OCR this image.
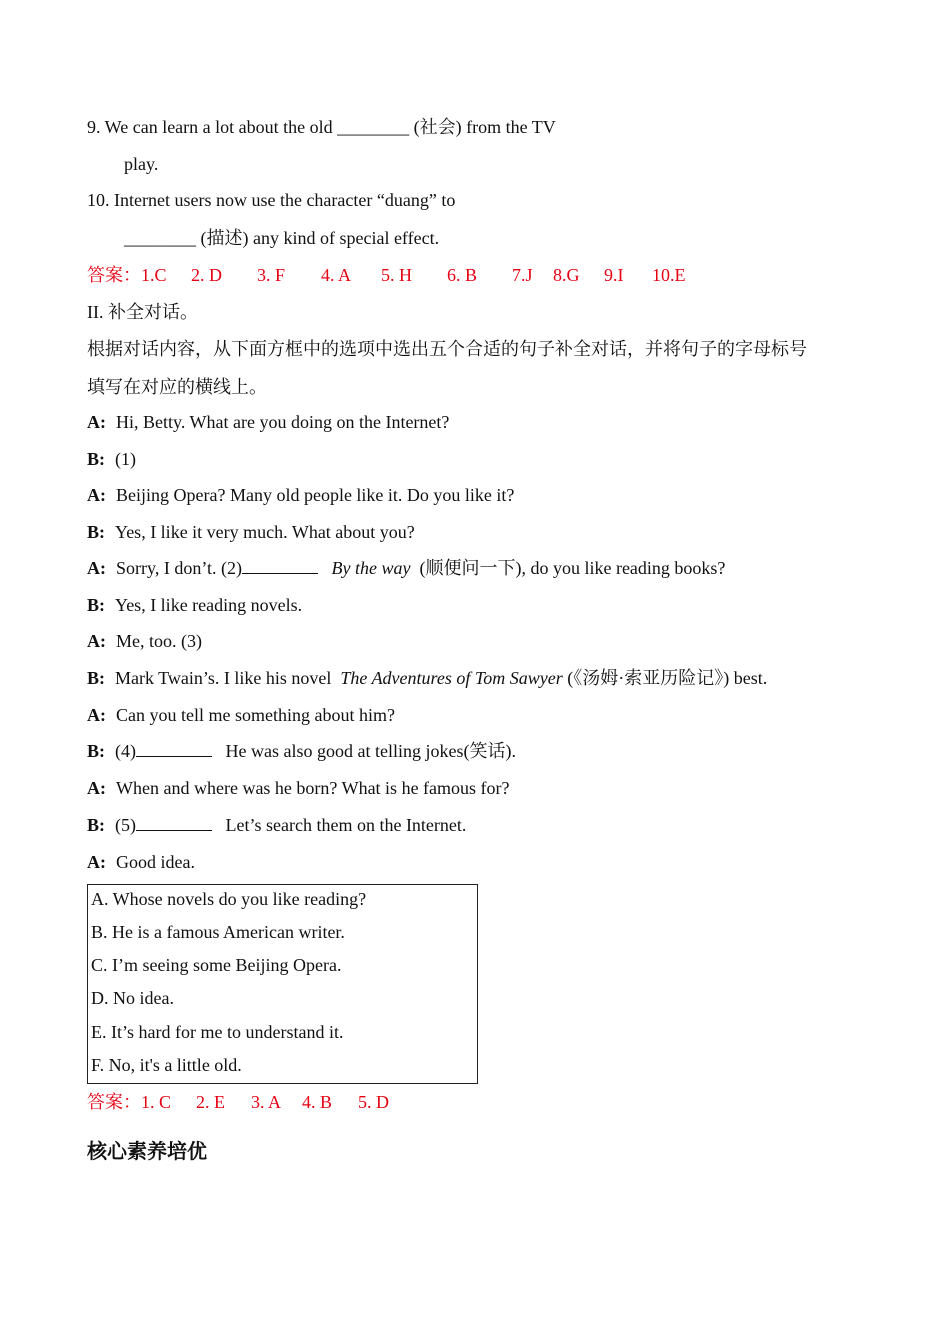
9. We can learn a lot about the old ________ (社会) from the TV
play.
10. Internet users now use the character “duang” to
________ (描述) any kind of special effect.
答案：1.C 2. D 3. F 4. A 5. H 6. B 7.J 8.G 9.I 10.E
II. 补全对话。
根据对话内容，从下面方框中的选项中选出五个合适的句子补全对话，并将句子的字母标号
填写在对应的横线上。
A: Hi, Betty. What are you doing on the Internet?
B: (1)
A: Beijing Opera? Many old people like it. Do you like it?
B: Yes, I like it very much. What about you?
A: Sorry, I don’t. (2)	By the way  (顺便问一下), do you like reading books?
B: Yes, I like reading novels.
A: Me, too. (3)
B: Mark Twain’s. I like his novel  The Adventures of Tom Sawyer (《汤姆·索亚历险记》) best.
A: Can you tell me something about him?
B: (4)	He was also good at telling jokes(笑话).
A: When and where was he born? What is he famous for?
B: (5)	Let’s search them on the Internet.
A: Good idea.
A. Whose novels do you like reading?
B. He is a famous American writer.
C. I’m seeing some Beijing Opera.
D. No idea.
E. It’s hard for me to understand it.
F. No, it's a little old.
答案：1. C 2. E 3. A 4. B 5. D
核心素养培优
